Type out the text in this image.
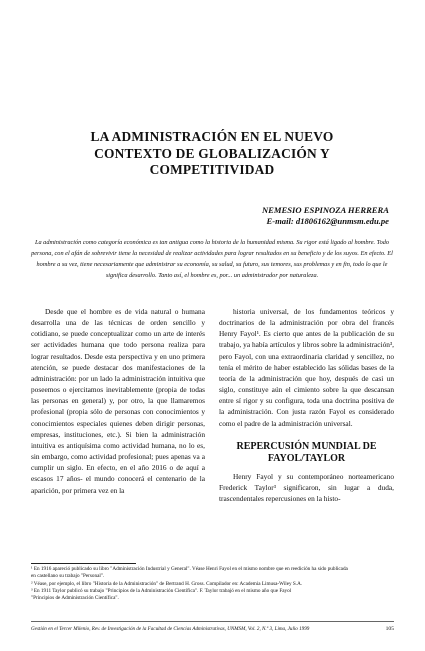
LA ADMINISTRACIÓN EN EL NUEVO
CONTEXTO DE GLOBALIZACIÓN Y
COMPETITIVIDAD
NEMESIO ESPINOZA HERRERA
E-mail: d1806162@unmsm.edu.pe

La administración como categoría económica es tan antigua como la historia de la humanidad misma. Su rigor está ligado al hombre. Todo persona, con el afán de sobrevivir tiene la necesidad de realizar actividades para lograr resultados en su beneficio y de los suyos. En efecto. El hombre a su vez, tiene necesariamente que administrar su economía, su salud, su futuro, sus temores, sus problemas y en fin, todo lo que le significa desarrollo. Tanto así, el hombre es, por... un administrador por naturaleza.

Desde que el hombre es de vida natural o humana desarrolla una de las técnicas de orden sencillo y cotidiano, se puede conceptualizar como un arte de interés ser actividades humana que todo persona realiza para lograr resultados. Desde esta perspectiva y en uno primera atención, se puede destacar dos manifestaciones de la administración: por un lado la administración intuitiva que poseemos o ejercitamos inevitablemente (propia de todas las personas en general) y, por otro, la que llamaremos profesional (propia sólo de personas con conocimientos y conocimientos especiales quienes deben dirigir personas, empresas, instituciones, etc.). Si bien la administración intuitiva es antiquísima como actividad humana, no lo es, sin embargo, como actividad profesional; pues apenas va a cumplir un siglo. En efecto, en el año 2016 o de aquí a escasos 17 años- el mundo conocerá el centenario de la aparición, por primera vez en la

historia universal, de los fundamentos teóricos y doctrinarios de la administración por obra del francés Henry Fayol¹. Es cierto que antes de la publicación de su trabajo, ya había artículos y libros sobre la administración³, pero Fayol, con una extraordinaria claridad y sencillez, no tenía el mérito de haber establecido las sólidas bases de la teoría de la administración que hoy, después de casi un siglo, constituye aún el cimiento sobre la que descansan entre sí rigor y su configura, toda una doctrina positiva de la administración. Con justa razón Fayol es considerado como el padre de la administración universal.

REPERCUSIÓN MUNDIAL DE
FAYOL/TAYLOR

Henry Fayol y su contemporáneo norteamericano Frederick Taylor³ significaron, sin lugar a duda, trascendentales repercusiones en la histo-

¹ En 1916 apareció publicado su libro "Administración Industrial y General". Véase Henri Fayol en el mismo nombre que en reedición ha sido publicada
en castellano su trabajo "Personal".
² Véase, por ejemplo, el libro "Historia de la Administración" de Bertrand H. Gross. Compilador en: Academia Limusa-Wiley S.A.
³ En 1911 Taylor publicó su trabajo "Principios de la Administración Científica". F. Taylor trabajó en el mismo año que Fayol
"Principios de Administración Científica".
Gestión en el Tercer Milenio, Rev. de Investigación de la Facultad de Ciencias Administrativas, UNMSM, Vol. 2, N.º 3, Lima, Julio 1999	105
